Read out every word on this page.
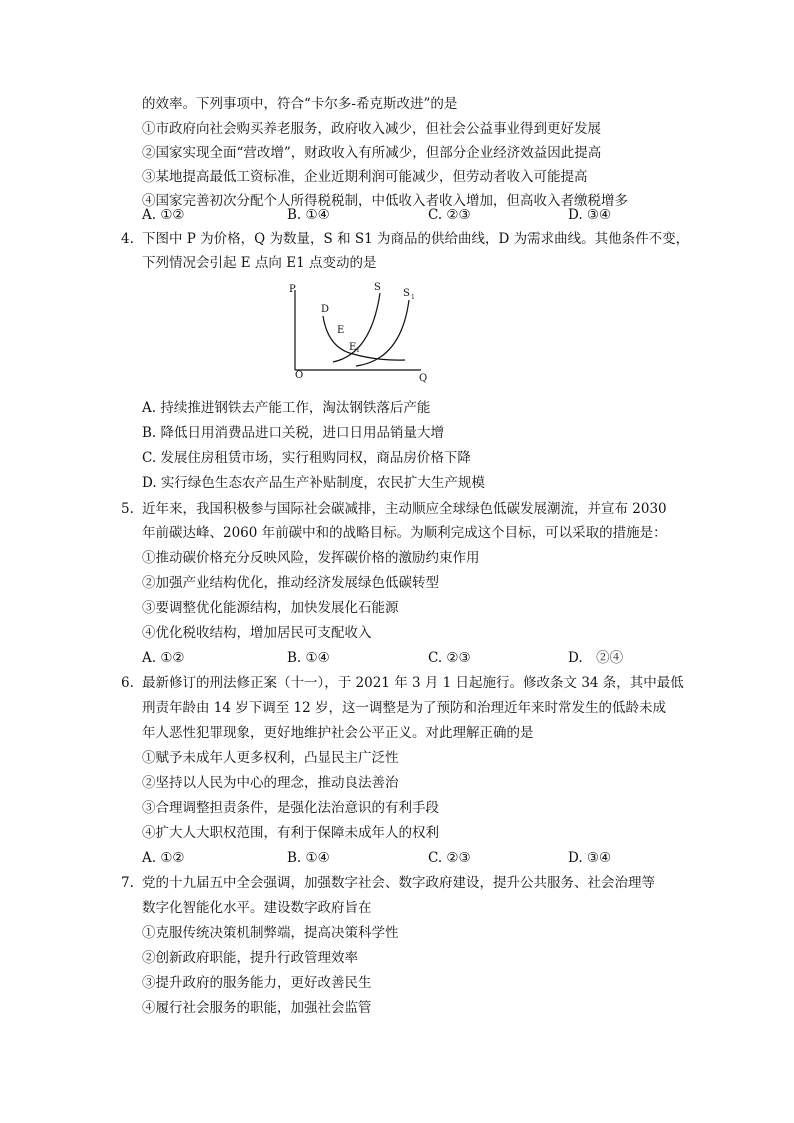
的效率。下列事项中，符合“卡尔多-希克斯改进”的是
①市政府向社会购买养老服务，政府收入减少，但社会公益事业得到更好发展
②国家实现全面“营改增”，财政收入有所减少，但部分企业经济效益因此提高
③某地提高最低工资标准，企业近期利润可能减少，但劳动者收入可能提高
④国家完善初次分配个人所得税税制，中低收入者收入增加，但高收入者缴税增多
A. ①②	B. ①④	C. ②③	D. ③④
4. 下图中 P 为价格，Q 为数量，S 和 S1 为商品的供给曲线，D 为需求曲线。其他条件不变，
下列情况会引起 E 点向 E1 点变动的是
P
O	Q
D
S
S 1
E
E 1
A. 持续推进钢铁去产能工作，淘汰钢铁落后产能
B. 降低日用消费品进口关税，进口日用品销量大增
C. 发展住房租赁市场，实行租购同权，商品房价格下降
D. 实行绿色生态农产品生产补贴制度，农民扩大生产规模
5. 近年来，我国积极参与国际社会碳减排，主动顺应全球绿色低碳发展潮流，并宣布 2030
年前碳达峰、2060 年前碳中和的战略目标。为顺利完成这个目标，可以采取的措施是：
①推动碳价格充分反映风险，发挥碳价格的激励约束作用
②加强产业结构优化，推动经济发展绿色低碳转型
③要调整优化能源结构，加快发展化石能源
④优化税收结构，增加居民可支配收入
A. ①②	B. ①④	C. ②③	D.　②④
6. 最新修订的刑法修正案（十一），于 2021 年 3 月 1 日起施行。修改条文 34 条，其中最低
刑责年龄由 14 岁下调至 12 岁，这一调整是为了预防和治理近年来时常发生的低龄未成
年人恶性犯罪现象，更好地维护社会公平正义。对此理解正确的是
①赋予未成年人更多权利，凸显民主广泛性
②坚持以人民为中心的理念，推动良法善治
③合理调整担责条件，是强化法治意识的有利手段
④扩大人大职权范围，有利于保障未成年人的权利
A. ①②	B. ①④	C. ②③	D. ③④
7. 党的十九届五中全会强调，加强数字社会、数字政府建设，提升公共服务、社会治理等
数字化智能化水平。建设数字政府旨在
①克服传统决策机制弊端，提高决策科学性
②创新政府职能，提升行政管理效率
③提升政府的服务能力，更好改善民生
④履行社会服务的职能，加强社会监管
